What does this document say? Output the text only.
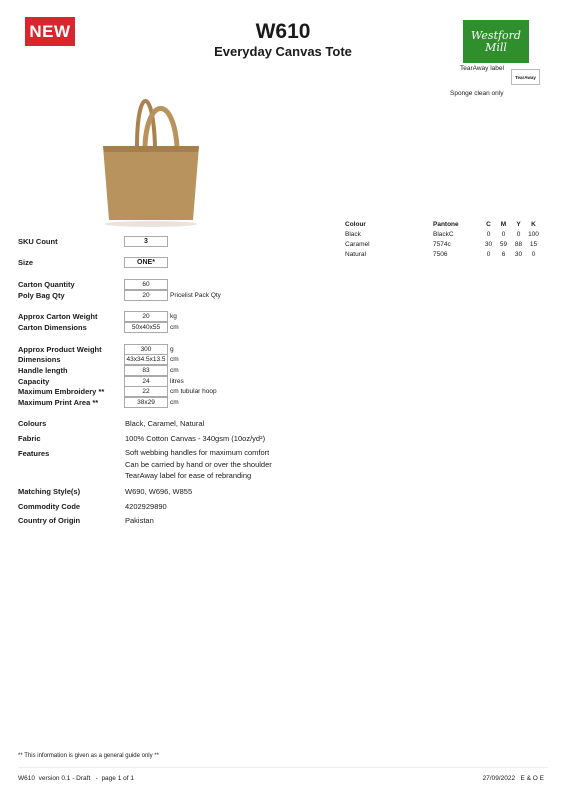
NEW	W610
Everyday Canvas Tote
Westford
Mill
TearAway label
TearAway
Sponge clean only
Colour	Pantone	C	M	Y	K
Black	BlackC	0	0	0	100
Caramel	7574c	30	59	88	15
Natural	7506	0	6	30	0
SKU Count	3
Size	ONE*
Carton Quantity	60
Poly Bag Qty	20	Pricelist Pack Qty
Approx Carton Weight	20	kg
Carton Dimensions	50x40x55	cm
Approx Product Weight	300	g
Dimensions	43x34.5x13.5 cm
Handle length	83	cm
Capacity	24	litres
Maximum Embroidery **	22	cm tubular hoop
Maximum Print Area **	38x29	cm
Colours	Black, Caramel, Natural
Fabric	100% Cotton Canvas - 340gsm (10oz/yd²)
Features	Soft webbing handles for maximum comfort
Can be carried by hand or over the shoulder
TearAway label for ease of rebranding
Matching Style(s)	W690, W696, W855
Commodity Code	4202929890
Country of Origin	Pakistan
** This information is given as a general guide only **
W610  version 0.1 - Draft   -  page 1 of 1	27/09/2022 E & O E
